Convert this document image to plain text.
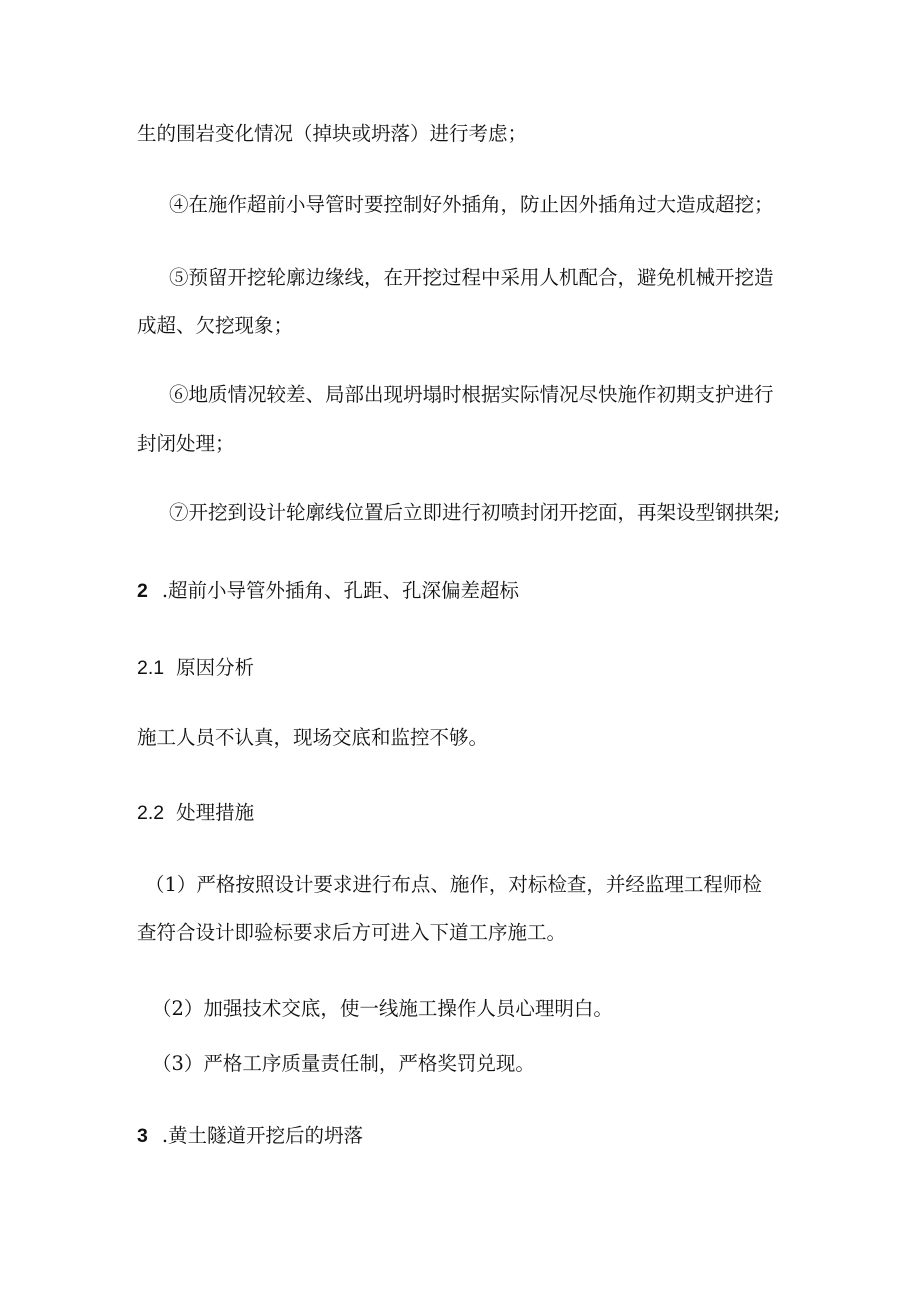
生的围岩变化情况（掉块或坍落）进行考虑；

④在施作超前小导管时要控制好外插角，防止因外插角过大造成超挖；

⑤预留开挖轮廓边缘线，在开挖过程中采用人机配合，避免机械开挖造

成超、欠挖现象；

⑥地质情况较差、局部出现坍塌时根据实际情况尽快施作初期支护进行

封闭处理；

⑦开挖到设计轮廓线位置后立即进行初喷封闭开挖面，再架设型钢拱架;

2 .超前小导管外插角、孔距、孔深偏差超标
2.1 原因分析

施工人员不认真，现场交底和监控不够。

2.2 处理措施

（1）严格按照设计要求进行布点、施作，对标检查，并经监理工程师检

查符合设计即验标要求后方可进入下道工序施工。

（2）加强技术交底，使一线施工操作人员心理明白。

（3）严格工序质量责任制，严格奖罚兑现。

3 .黄土隧道开挖后的坍落
